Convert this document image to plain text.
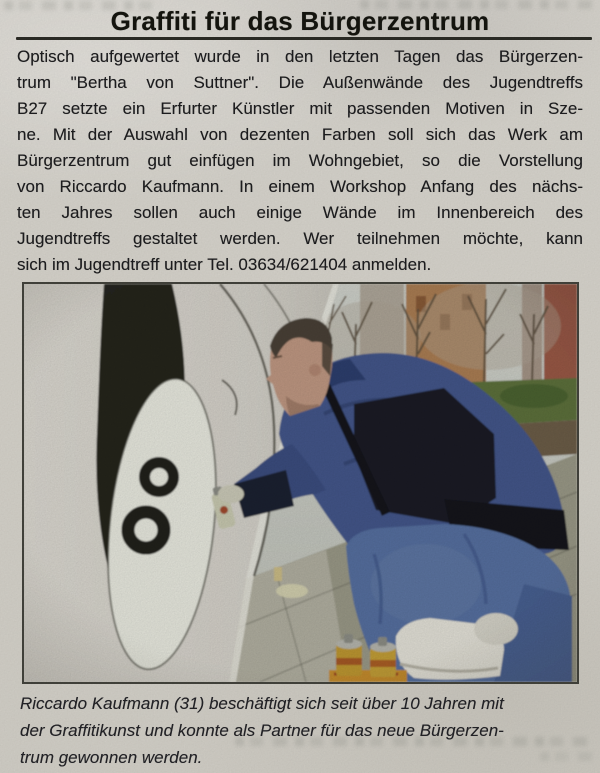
Graffiti für das Bürgerzentrum
Optisch aufgewertet wurde in den letzten Tagen das Bürgerzen-
trum "Bertha von Suttner". Die Außenwände des Jugendtreffs
B27 setzte ein Erfurter Künstler mit passenden Motiven in Sze-
ne. Mit der Auswahl von dezenten Farben soll sich das Werk am
Bürgerzentrum gut einfügen im Wohngebiet, so die Vorstellung
von Riccardo Kaufmann. In einem Workshop Anfang des nächs-
ten Jahres sollen auch einige Wände im Innenbereich des
Jugendtreffs gestaltet werden. Wer teilnehmen möchte, kann
sich im Jugendtreff unter Tel. 03634/621404 anmelden.
Riccardo Kaufmann (31) beschäftigt sich seit über 10 Jahren mit
der Graffitikunst und konnte als Partner für das neue Bürgerzen-
trum gewonnen werden.
